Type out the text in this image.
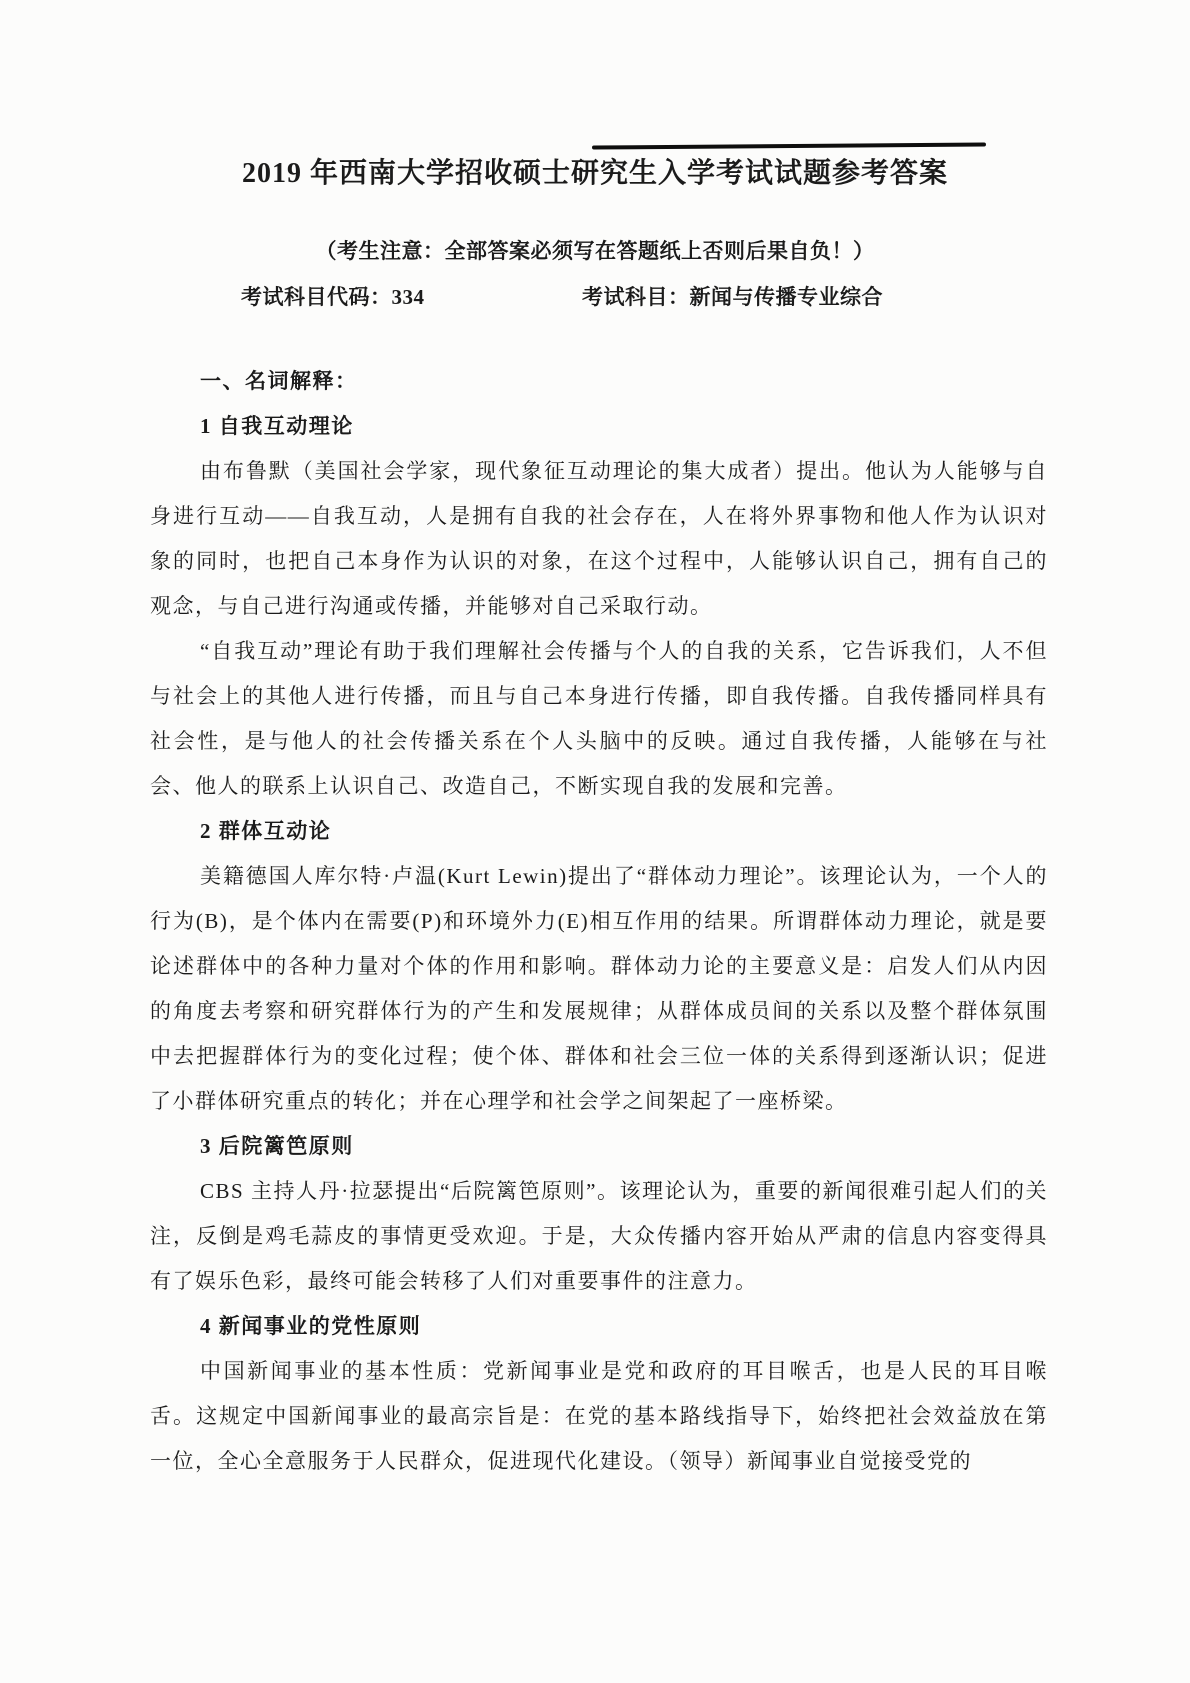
2019 年西南大学招收硕士研究生入学考试试题参考答案
（考生注意：全部答案必须写在答题纸上否则后果自负！）
考试科目代码：334	考试科目：新闻与传播专业综合

一、名词解释：

1 自我互动理论

由布鲁默（美国社会学家，现代象征互动理论的集大成者）提出。他认为人能够与自身进行互动——自我互动，人是拥有自我的社会存在，人在将外界事物和他人作为认识对象的同时，也把自己本身作为认识的对象，在这个过程中，人能够认识自己，拥有自己的观念，与自己进行沟通或传播，并能够对自己采取行动。

“自我互动”理论有助于我们理解社会传播与个人的自我的关系，它告诉我们，人不但与社会上的其他人进行传播，而且与自己本身进行传播，即自我传播。自我传播同样具有社会性，是与他人的社会传播关系在个人头脑中的反映。通过自我传播，人能够在与社会、他人的联系上认识自己、改造自己，不断实现自我的发展和完善。

2 群体互动论

美籍德国人库尔特·卢温(Kurt Lewin)提出了“群体动力理论”。该理论认为，一个人的行为(B)，是个体内在需要(P)和环境外力(E)相互作用的结果。所谓群体动力理论，就是要论述群体中的各种力量对个体的作用和影响。群体动力论的主要意义是：启发人们从内因的角度去考察和研究群体行为的产生和发展规律；从群体成员间的关系以及整个群体氛围中去把握群体行为的变化过程；使个体、群体和社会三位一体的关系得到逐渐认识；促进了小群体研究重点的转化；并在心理学和社会学之间架起了一座桥梁。

3 后院篱笆原则

CBS 主持人丹·拉瑟提出“后院篱笆原则”。该理论认为，重要的新闻很难引起人们的关注，反倒是鸡毛蒜皮的事情更受欢迎。于是，大众传播内容开始从严肃的信息内容变得具有了娱乐色彩，最终可能会转移了人们对重要事件的注意力。

4 新闻事业的党性原则

中国新闻事业的基本性质：党新闻事业是党和政府的耳目喉舌，也是人民的耳目喉舌。这规定中国新闻事业的最高宗旨是：在党的基本路线指导下，始终把社会效益放在第一位，全心全意服务于人民群众，促进现代化建设。（领导）新闻事业自觉接受党的
